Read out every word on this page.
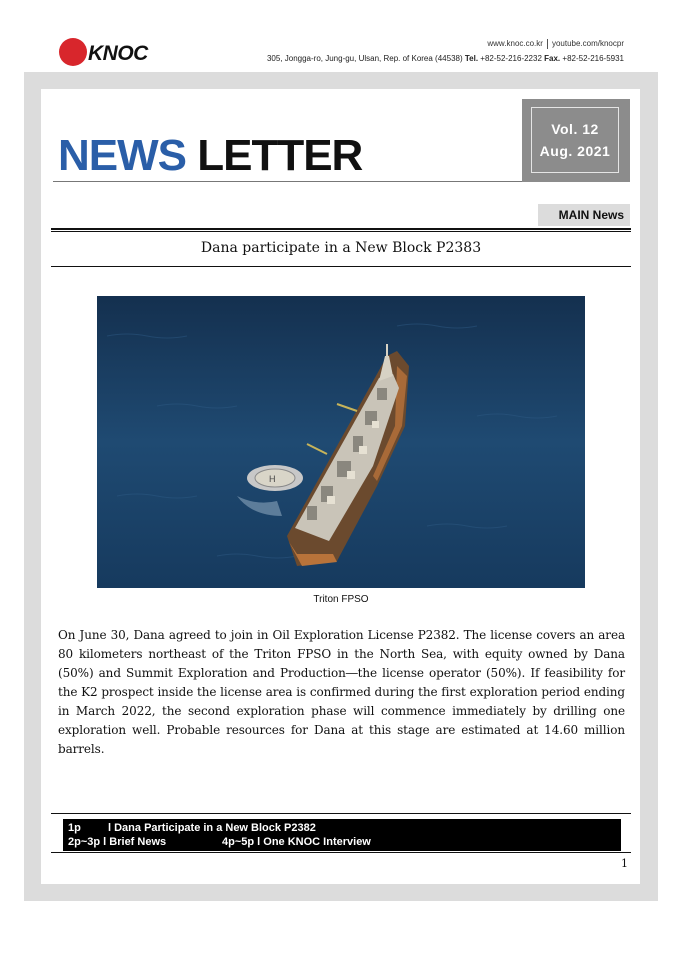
KNOC	www.knoc.co.kr youtube.com/knocpr
305, Jongga-ro, Jung-gu, Ulsan, Rep. of Korea (44538) Tel. +82-52-216-2232 Fax. +82-52-216-5931
NEWS LETTER
Vol. 12
Aug. 2021
MAIN News
Dana participate in a New Block P2383
H
Triton FPSO
On June 30, Dana agreed to join in Oil Exploration License P2382. The license covers an area 80 kilometers northeast of the Triton FPSO in the North Sea, with equity owned by Dana (50%) and Summit Exploration and Production―the license operator (50%). If feasibility for the K2 prospect inside the license area is confirmed during the first exploration period ending in March 2022, the second exploration phase will commence immediately by drilling one exploration well. Probable resources for Dana at this stage are estimated at 14.60 million barrels.
1p l Dana Participate in a New Block P2382
2p~3p l Brief News	4p~5p l One KNOC Interview
1
